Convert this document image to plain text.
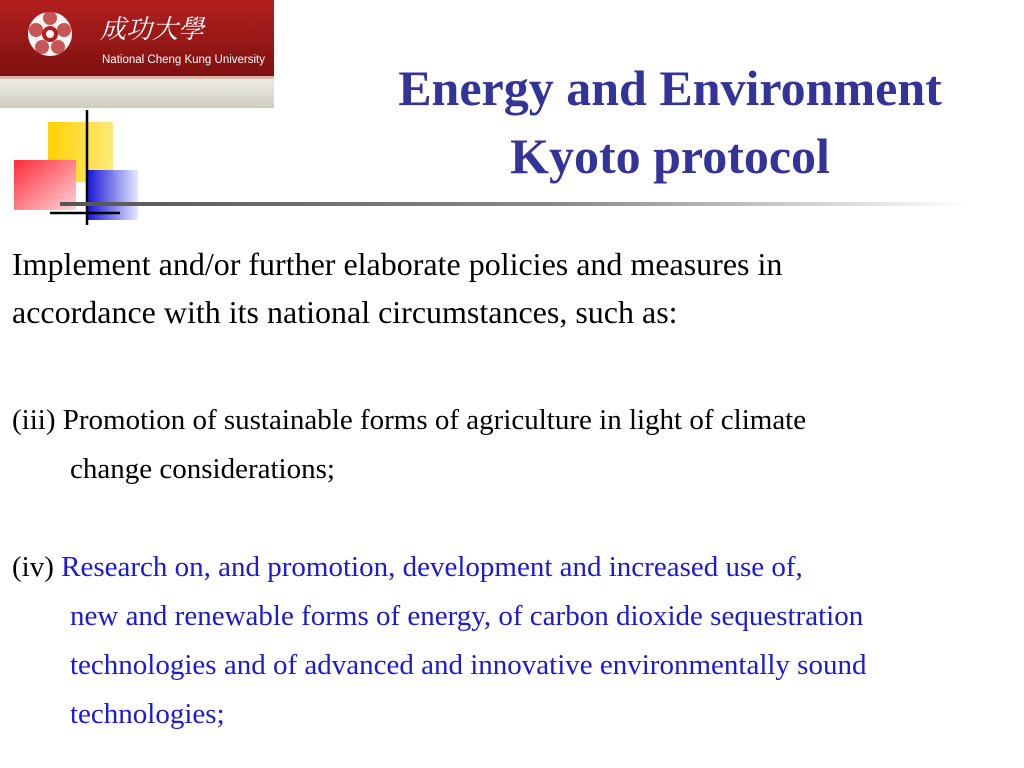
成功大學
National Cheng Kung University	Energy and Environment
Kyoto protocol

Implement and/or further elaborate policies and measures in
accordance with its national circumstances, such as:

(iii) Promotion of sustainable forms of agriculture in light of climate
change considerations;
(iv) Research on, and promotion, development and increased use of,
new and renewable forms of energy, of carbon dioxide sequestration
technologies and of advanced and innovative environmentally sound
technologies;
